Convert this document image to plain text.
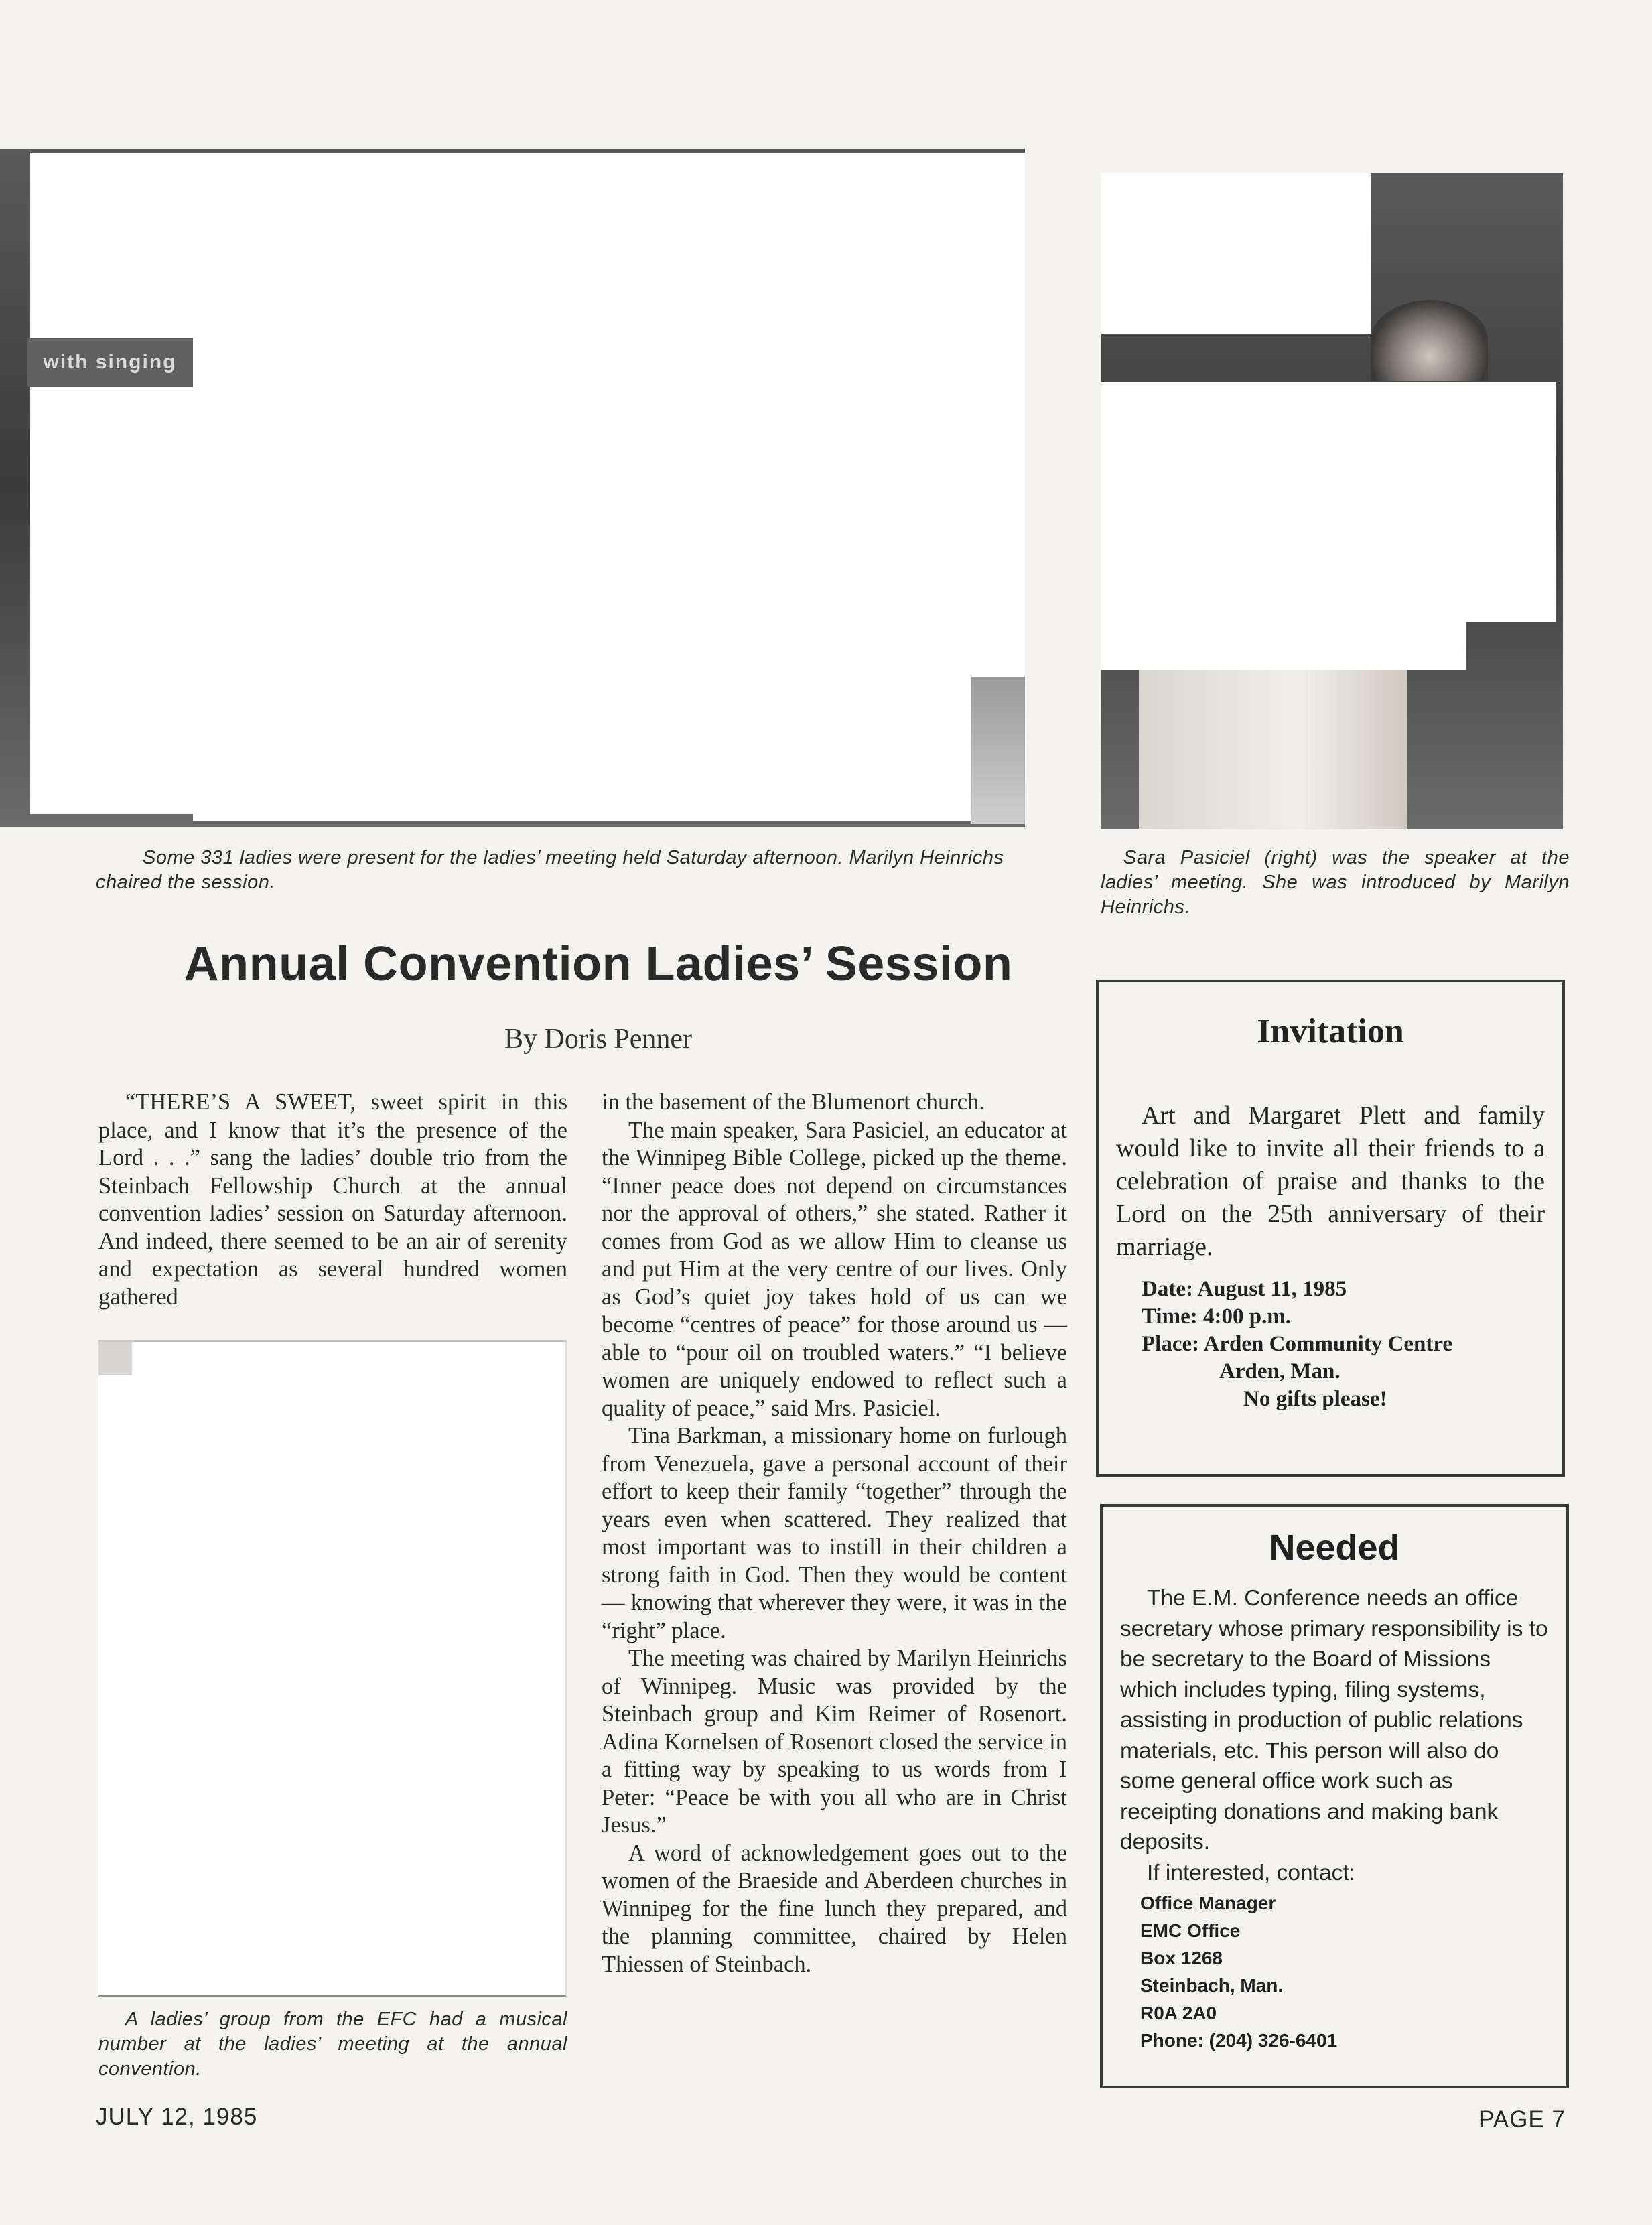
with singing

Some 331 ladies were present for the ladies’ meeting held Saturday afternoon. Marilyn Heinrichs chaired the session.

Sara Pasiciel (right) was the speaker at the ladies’ meeting. She was introduced by Marilyn Heinrichs.

Annual Convention Ladies’ Session

By Doris Penner

“THERE’S A SWEET, sweet spirit in this place, and I know that it’s the presence of the Lord . . .” sang the ladies’ double trio from the Steinbach Fellowship Church at the annual convention ladies’ session on Saturday afternoon. And indeed, there seemed to be an air of serenity and expectation as several hundred women gathered

A ladies’ group from the EFC had a musical number at the ladies’ meeting at the annual convention.

in the basement of the Blumenort church.

The main speaker, Sara Pasiciel, an educator at the Winnipeg Bible College, picked up the theme. “Inner peace does not depend on circumstances nor the approval of others,” she stated. Rather it comes from God as we allow Him to cleanse us and put Him at the very centre of our lives. Only as God’s quiet joy takes hold of us can we become “centres of peace” for those around us — able to “pour oil on troubled waters.” “I believe women are uniquely endowed to reflect such a quality of peace,” said Mrs. Pasiciel.

Tina Barkman, a missionary home on furlough from Venezuela, gave a personal account of their effort to keep their family “together” through the years even when scattered. They realized that most important was to instill in their children a strong faith in God. Then they would be content — knowing that wherever they were, it was in the “right” place.

The meeting was chaired by Marilyn Heinrichs of Winnipeg. Music was provided by the Steinbach group and Kim Reimer of Rosenort. Adina Kornelsen of Rosenort closed the service in a fitting way by speaking to us words from I Peter: “Peace be with you all who are in Christ Jesus.”

A word of acknowledgement goes out to the women of the Braeside and Aberdeen churches in Winnipeg for the fine lunch they prepared, and the planning committee, chaired by Helen Thiessen of Steinbach.

Invitation

Art and Margaret Plett and family would like to invite all their friends to a celebration of praise and thanks to the Lord on the 25th anniversary of their marriage.

Date: August 11, 1985
Time: 4:00 p.m.
Place: Arden Community Centre
Arden, Man.
No gifts please!

Needed

The E.M. Conference needs an office secretary whose primary responsibility is to be secretary to the Board of Missions which includes typing, filing systems, assisting in production of public relations materials, etc. This person will also do some general office work such as receipting donations and making bank deposits.

If interested, contact:

Office Manager
EMC Office
Box 1268
Steinbach, Man.
R0A 2A0
Phone: (204) 326-6401
JULY 12, 1985	PAGE 7
